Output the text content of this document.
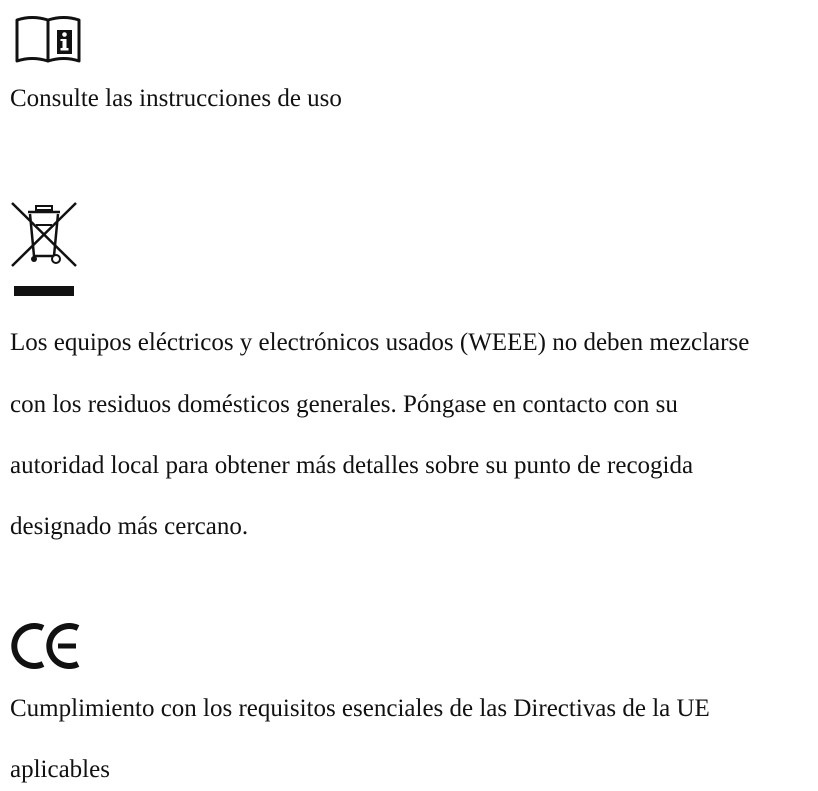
Consulte las instrucciones de uso

Los equipos eléctricos y electrónicos usados (WEEE) no deben mezclarse

con los residuos domésticos generales. Póngase en contacto con su

autoridad local para obtener más detalles sobre su punto de recogida

designado más cercano.

Cumplimiento con los requisitos esenciales de las Directivas de la UE

aplicables
